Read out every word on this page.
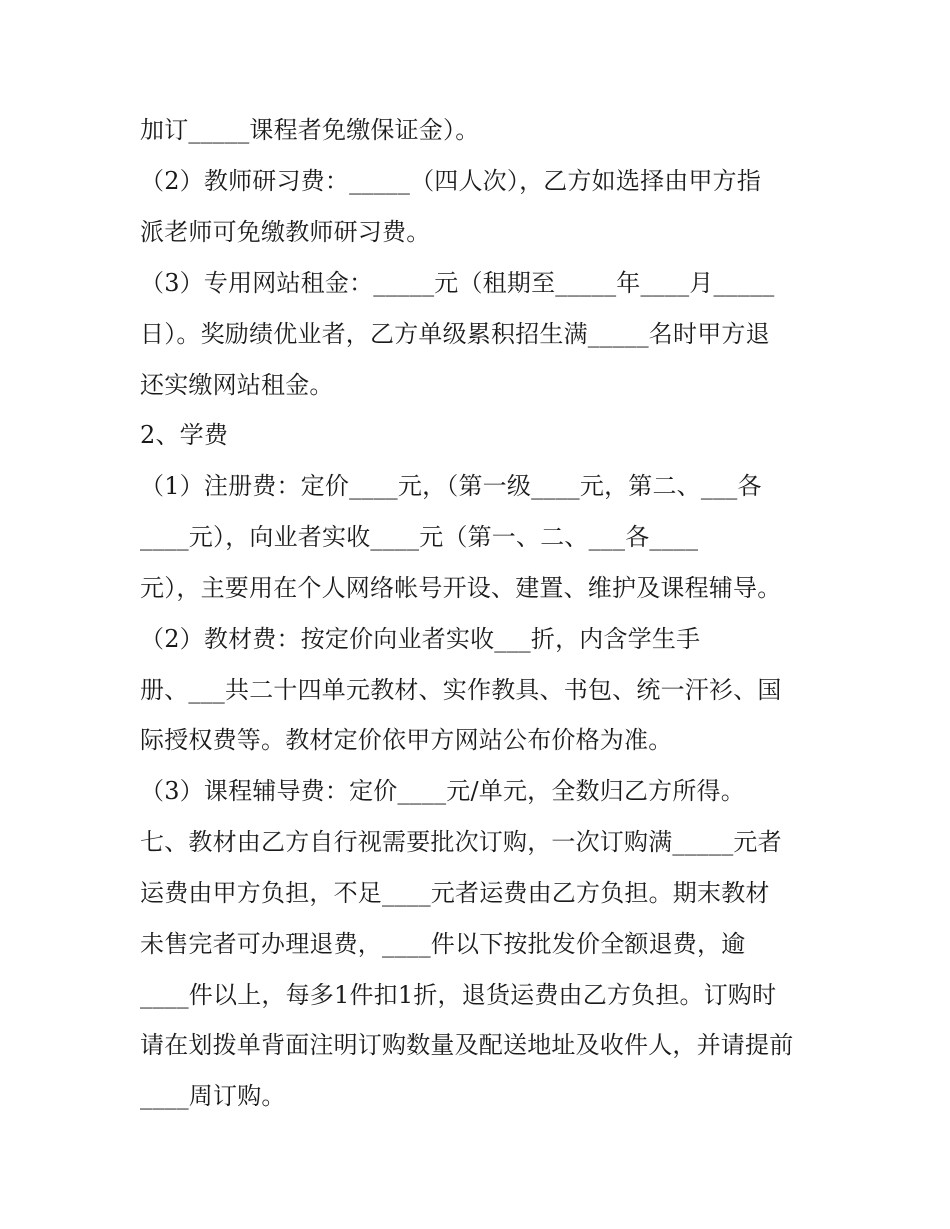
加订_____课程者免缴保证金）。
（2）教师研习费：_____（四人次），乙方如选择由甲方指
派老师可免缴教师研习费。
（3）专用网站租金：_____元（租期至_____年____月_____
日）。奖励绩优业者，乙方单级累积招生满_____名时甲方退
还实缴网站租金。
2、学费
（1）注册费：定价____元，（第一级____元，第二、___各
____元），向业者实收____元（第一、二、___各____
元），主要用在个人网络帐号开设、建置、维护及课程辅导。
（2）教材费：按定价向业者实收___折，内含学生手
册、___共二十四单元教材、实作教具、书包、统一汗衫、国
际授权费等。教材定价依甲方网站公布价格为准。
（3）课程辅导费：定价____元/单元，全数归乙方所得。
七、教材由乙方自行视需要批次订购，一次订购满_____元者
运费由甲方负担，不足____元者运费由乙方负担。期末教材
未售完者可办理退费，____件以下按批发价全额退费，逾
____件以上，每多1件扣1折，退货运费由乙方负担。订购时
请在划拨单背面注明订购数量及配送地址及收件人，并请提前
____周订购。
